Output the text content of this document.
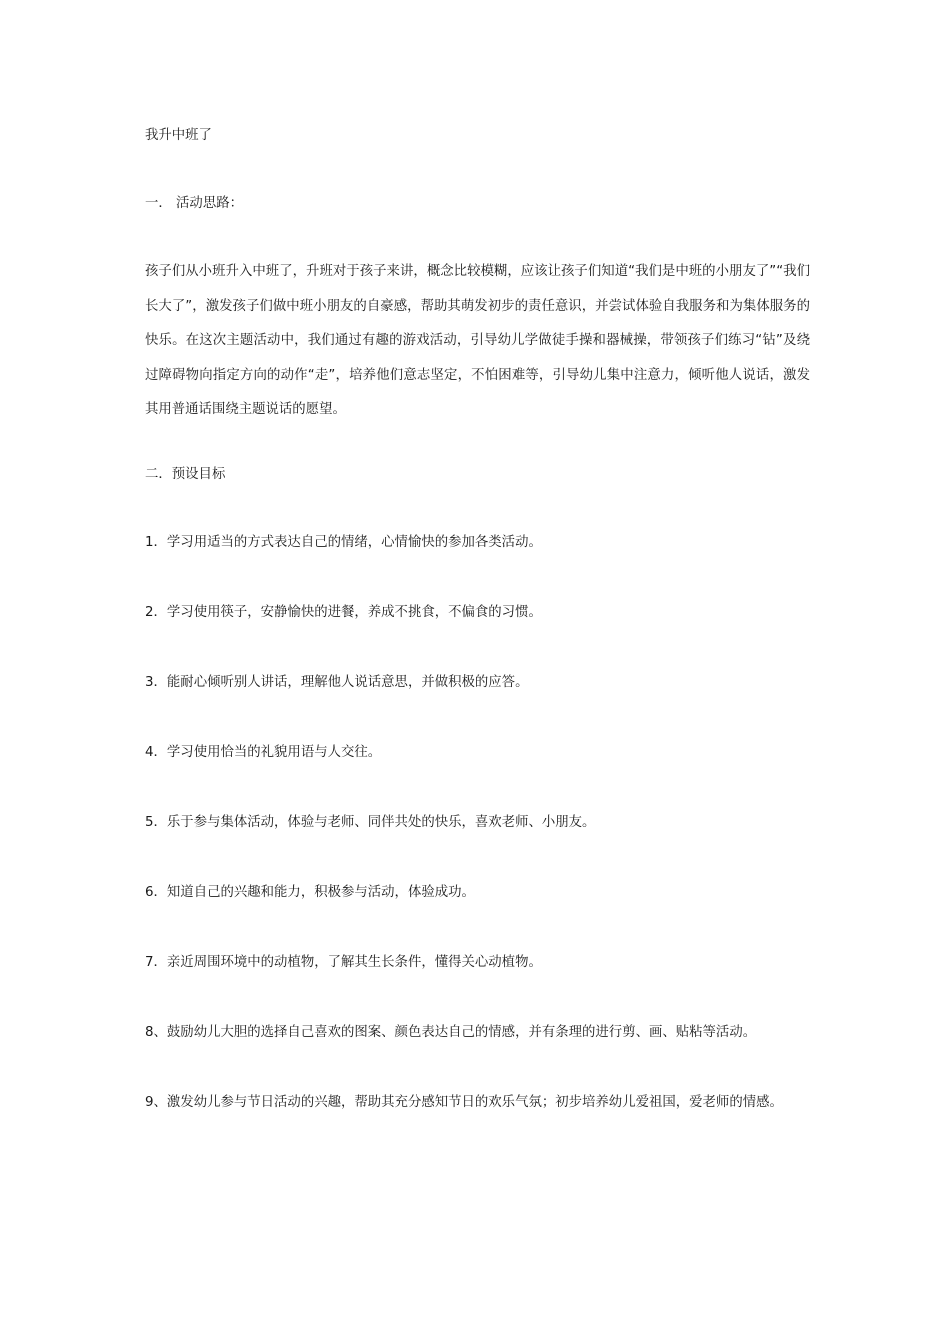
我升中班了

一． 活动思路：

孩子们从小班升入中班了，升班对于孩子来讲，概念比较模糊，应该让孩子们知道“我们是中班的小朋友了”“我们长大了”，激发孩子们做中班小朋友的自豪感，帮助其萌发初步的责任意识，并尝试体验自我服务和为集体服务的快乐。在这次主题活动中，我们通过有趣的游戏活动，引导幼儿学做徒手操和器械操，带领孩子们练习“钻”及绕过障碍物向指定方向的动作“走”，培养他们意志坚定，不怕困难等，引导幼儿集中注意力，倾听他人说话，激发其用普通话围绕主题说话的愿望。

二．预设目标

1．学习用适当的方式表达自己的情绪，心情愉快的参加各类活动。

2．学习使用筷子，安静愉快的进餐，养成不挑食，不偏食的习惯。

3．能耐心倾听别人讲话，理解他人说话意思，并做积极的应答。

4．学习使用恰当的礼貌用语与人交往。

5．乐于参与集体活动，体验与老师、同伴共处的快乐，喜欢老师、小朋友。

6．知道自己的兴趣和能力，积极参与活动，体验成功。

7．亲近周围环境中的动植物，了解其生长条件，懂得关心动植物。

8、鼓励幼儿大胆的选择自己喜欢的图案、颜色表达自己的情感，并有条理的进行剪、画、贴粘等活动。

9、激发幼儿参与节日活动的兴趣，帮助其充分感知节日的欢乐气氛；初步培养幼儿爱祖国，爱老师的情感。
